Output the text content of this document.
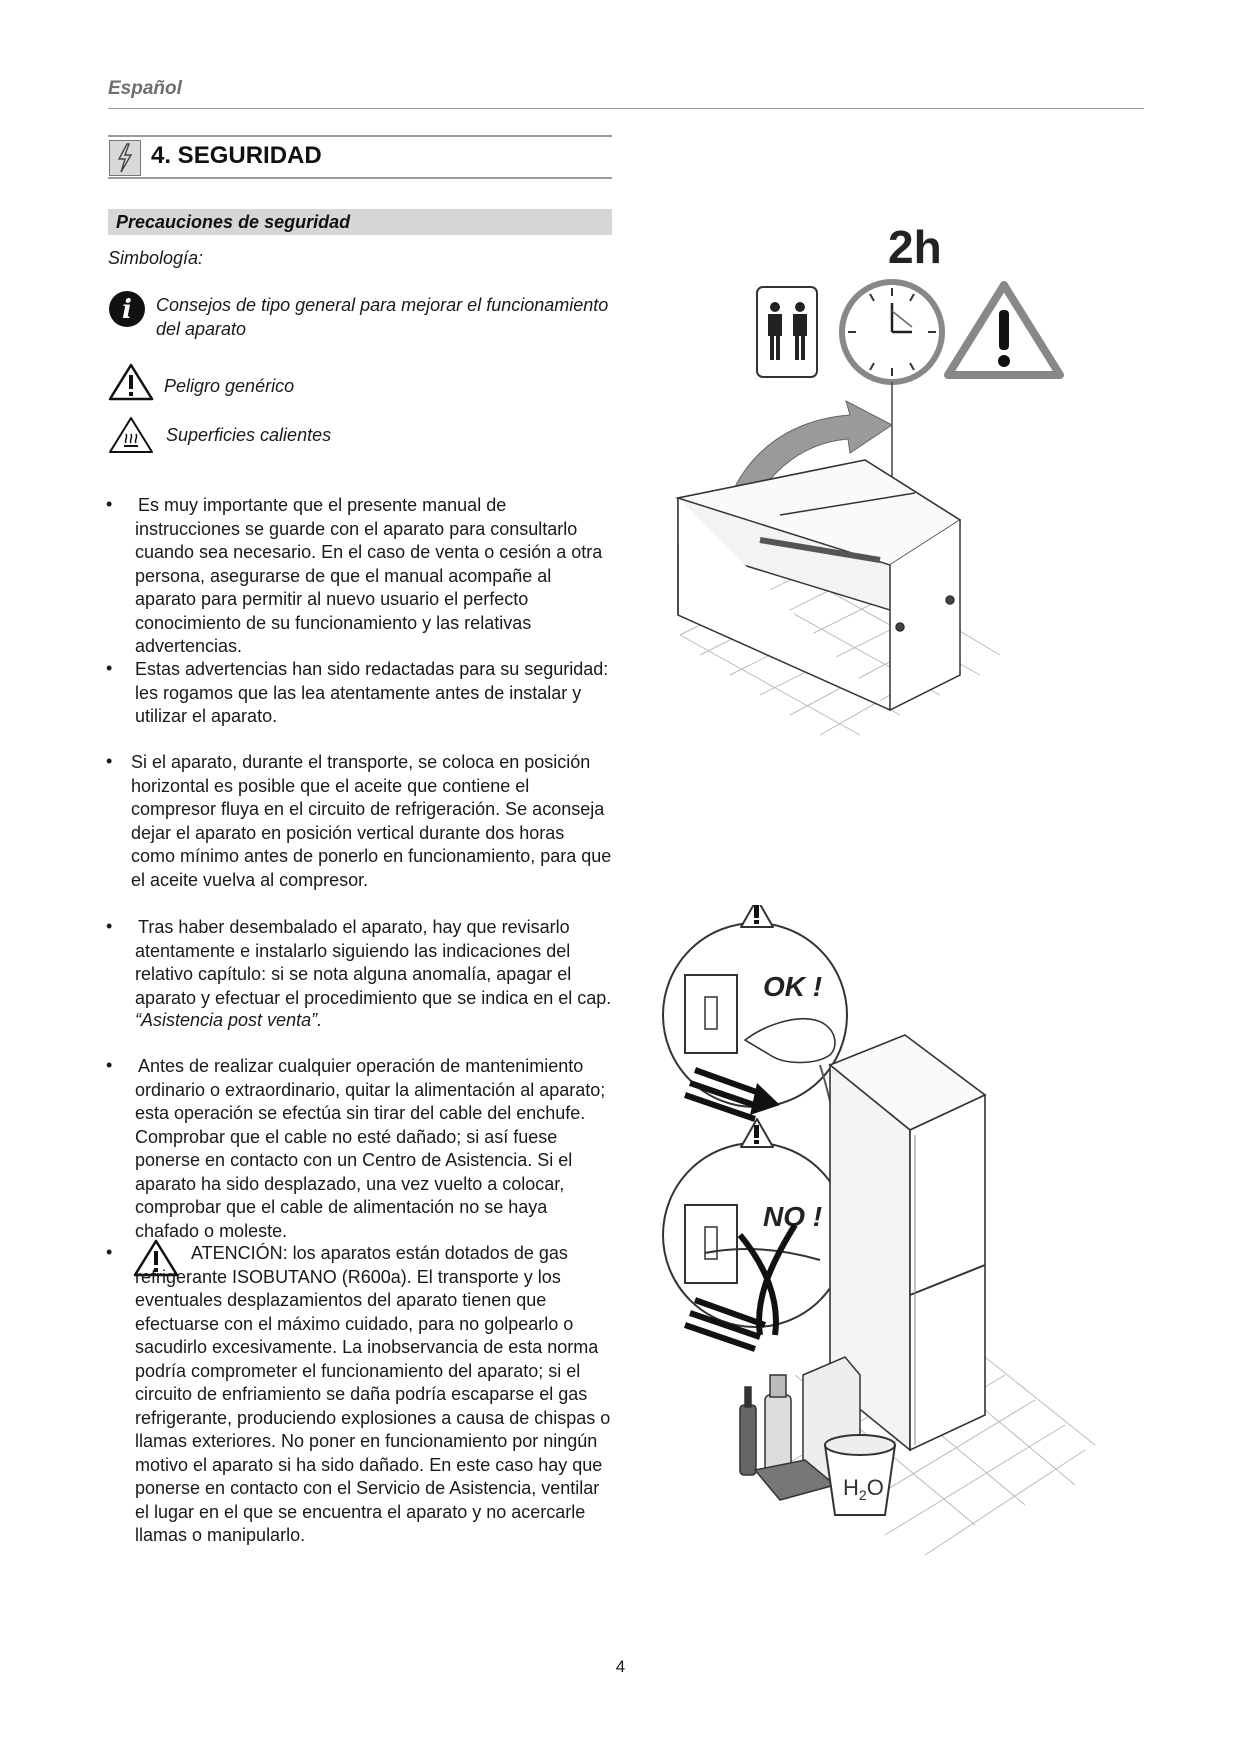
Español
4. SEGURIDAD
Precauciones de seguridad
Simbología:
i Consejos de tipo general para mejorar el funcionamiento del aparato
Peligro genérico
Superficies calientes
• Es muy importante que el presente manual de instrucciones se guarde con el aparato para consultarlo cuando sea necesario. En el caso de venta o cesión a otra persona, asegurarse de que el manual acompañe al aparato para permitir al nuevo usuario el perfecto conocimiento de su funcionamiento y las relativas advertencias.
• Estas advertencias han sido redactadas para su seguridad: les rogamos que las lea atentamente antes de instalar y utilizar el aparato.
• Si el aparato, durante el transporte, se coloca en posición horizontal es posible que el aceite que contiene el compresor fluya en el circuito de refrigeración. Se aconseja dejar el aparato en posición vertical durante dos horas como mínimo antes de ponerlo en funcionamiento, para que el aceite vuelva al compresor.
• Tras haber desembalado el aparato, hay que revisarlo atentamente e instalarlo siguiendo las indicaciones del relativo capítulo: si se nota alguna anomalía, apagar el aparato y efectuar el procedimiento que se indica en el cap.
“Asistencia post venta”.
• Antes de realizar cualquier operación de mantenimiento ordinario o extraordinario, quitar la alimentación al aparato; esta operación se efectúa sin tirar del cable del enchufe. Comprobar que el cable no esté dañado; si así fuese ponerse en contacto con un Centro de Asistencia. Si el aparato ha sido desplazado, una vez vuelto a colocar, comprobar que el cable de alimentación no se haya chafado o moleste.
•	ATENCIÓN: los aparatos están dotados de gas refrigerante ISOBUTANO (R600a). El transporte y los eventuales desplazamientos del aparato tienen que efectuarse con el máximo cuidado, para no golpearlo o sacudirlo excesivamente. La inobservancia de esta norma podría comprometer el funcionamiento del aparato; si el circuito de enfriamiento se daña podría escaparse el gas refrigerante, produciendo explosiones a causa de chispas o llamas exteriores. No poner en funcionamiento por ningún motivo el aparato si ha sido dañado. En este caso hay que ponerse en contacto con el Servicio de Asistencia, ventilar el lugar en el que se encuentra el aparato y no acercarle llamas o manipularlo.
2h
OK !
NO !
$H_2O$
4
